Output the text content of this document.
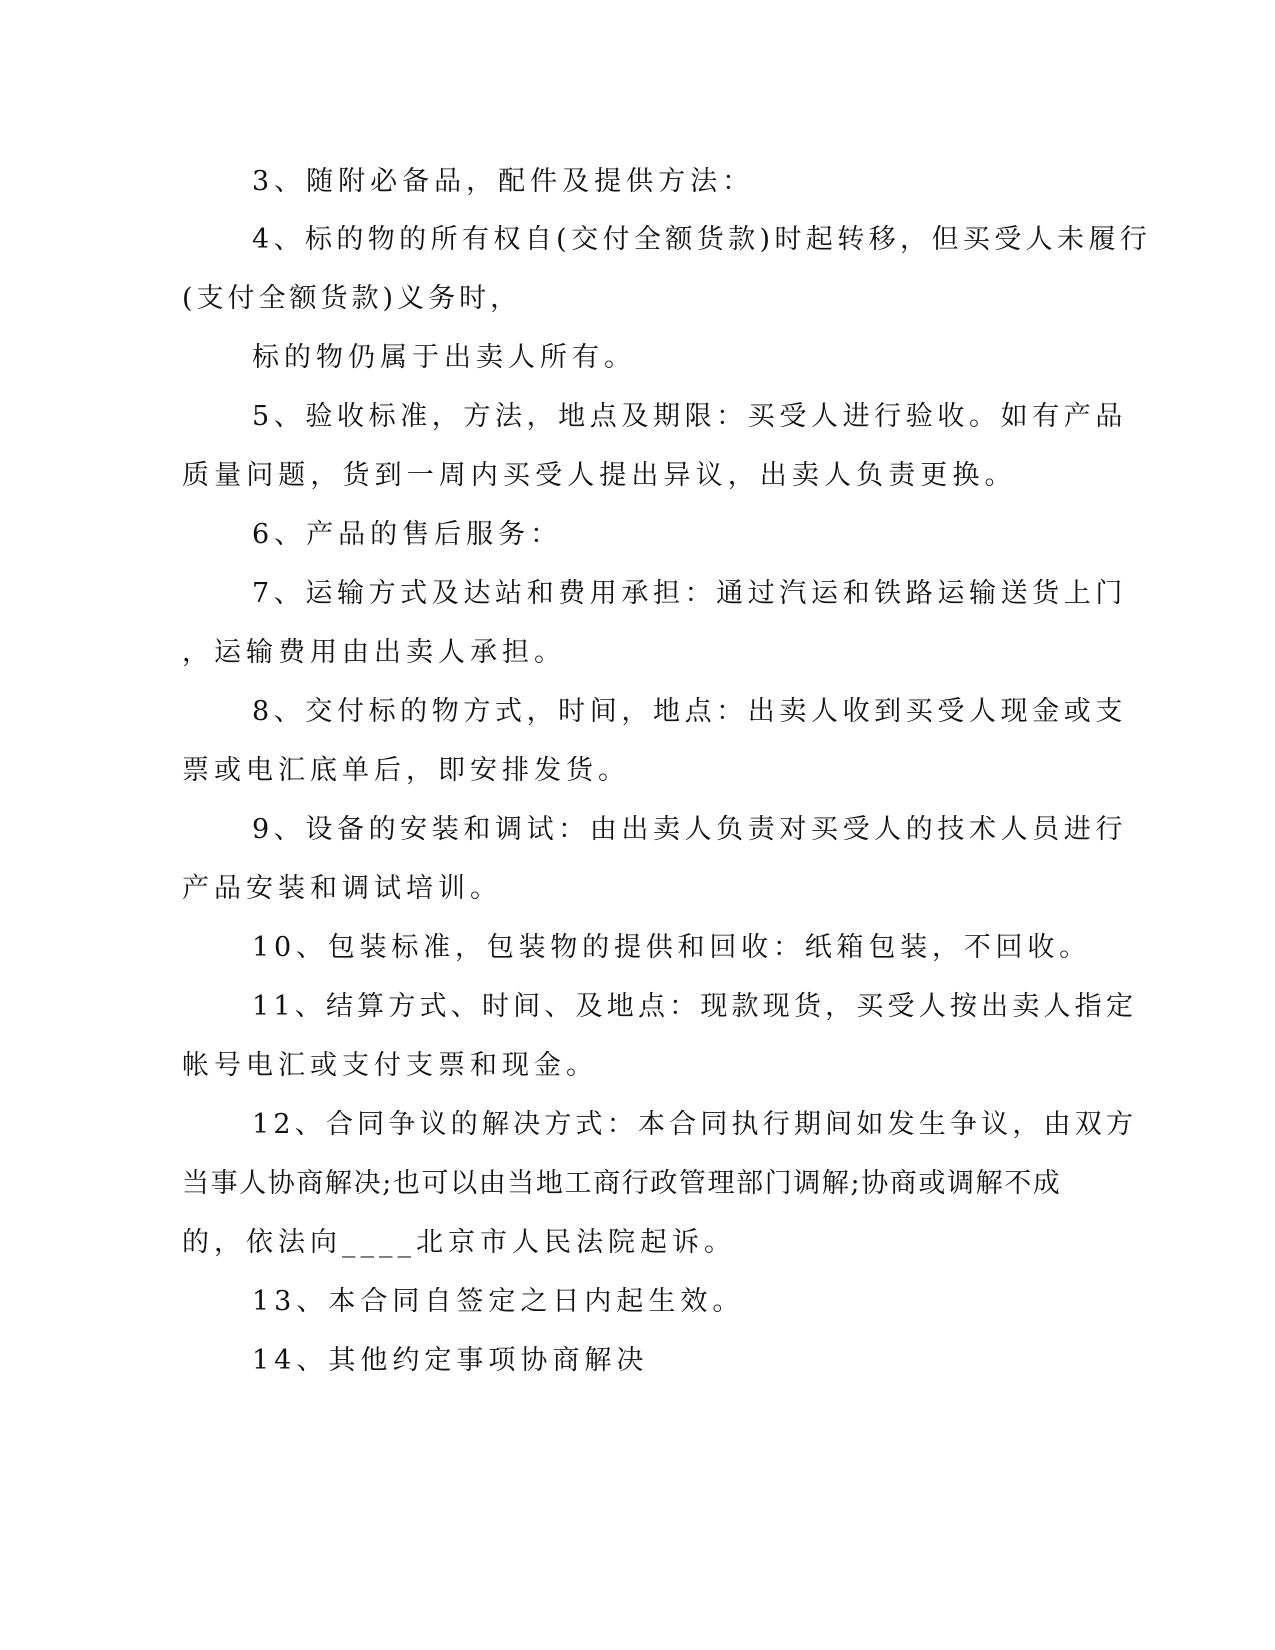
3、随附必备品，配件及提供方法：
4、标的物的所有权自(交付全额货款)时起转移，但买受人未履行
(支付全额货款)义务时，
标的物仍属于出卖人所有。
5、验收标准，方法，地点及期限：买受人进行验收。如有产品
质量问题，货到一周内买受人提出异议，出卖人负责更换。
6、产品的售后服务：
7、运输方式及达站和费用承担：通过汽运和铁路运输送货上门
，运输费用由出卖人承担。
8、交付标的物方式，时间，地点：出卖人收到买受人现金或支
票或电汇底单后，即安排发货。
9、设备的安装和调试：由出卖人负责对买受人的技术人员进行
产品安装和调试培训。
10、包装标准，包装物的提供和回收：纸箱包装，不回收。
11、结算方式、时间、及地点：现款现货，买受人按出卖人指定
帐号电汇或支付支票和现金。
12、合同争议的解决方式：本合同执行期间如发生争议，由双方
当事人协商解决;也可以由当地工商行政管理部门调解;协商或调解不成
的，依法向____北京市人民法院起诉。
13、本合同自签定之日内起生效。
14、其他约定事项协商解决
